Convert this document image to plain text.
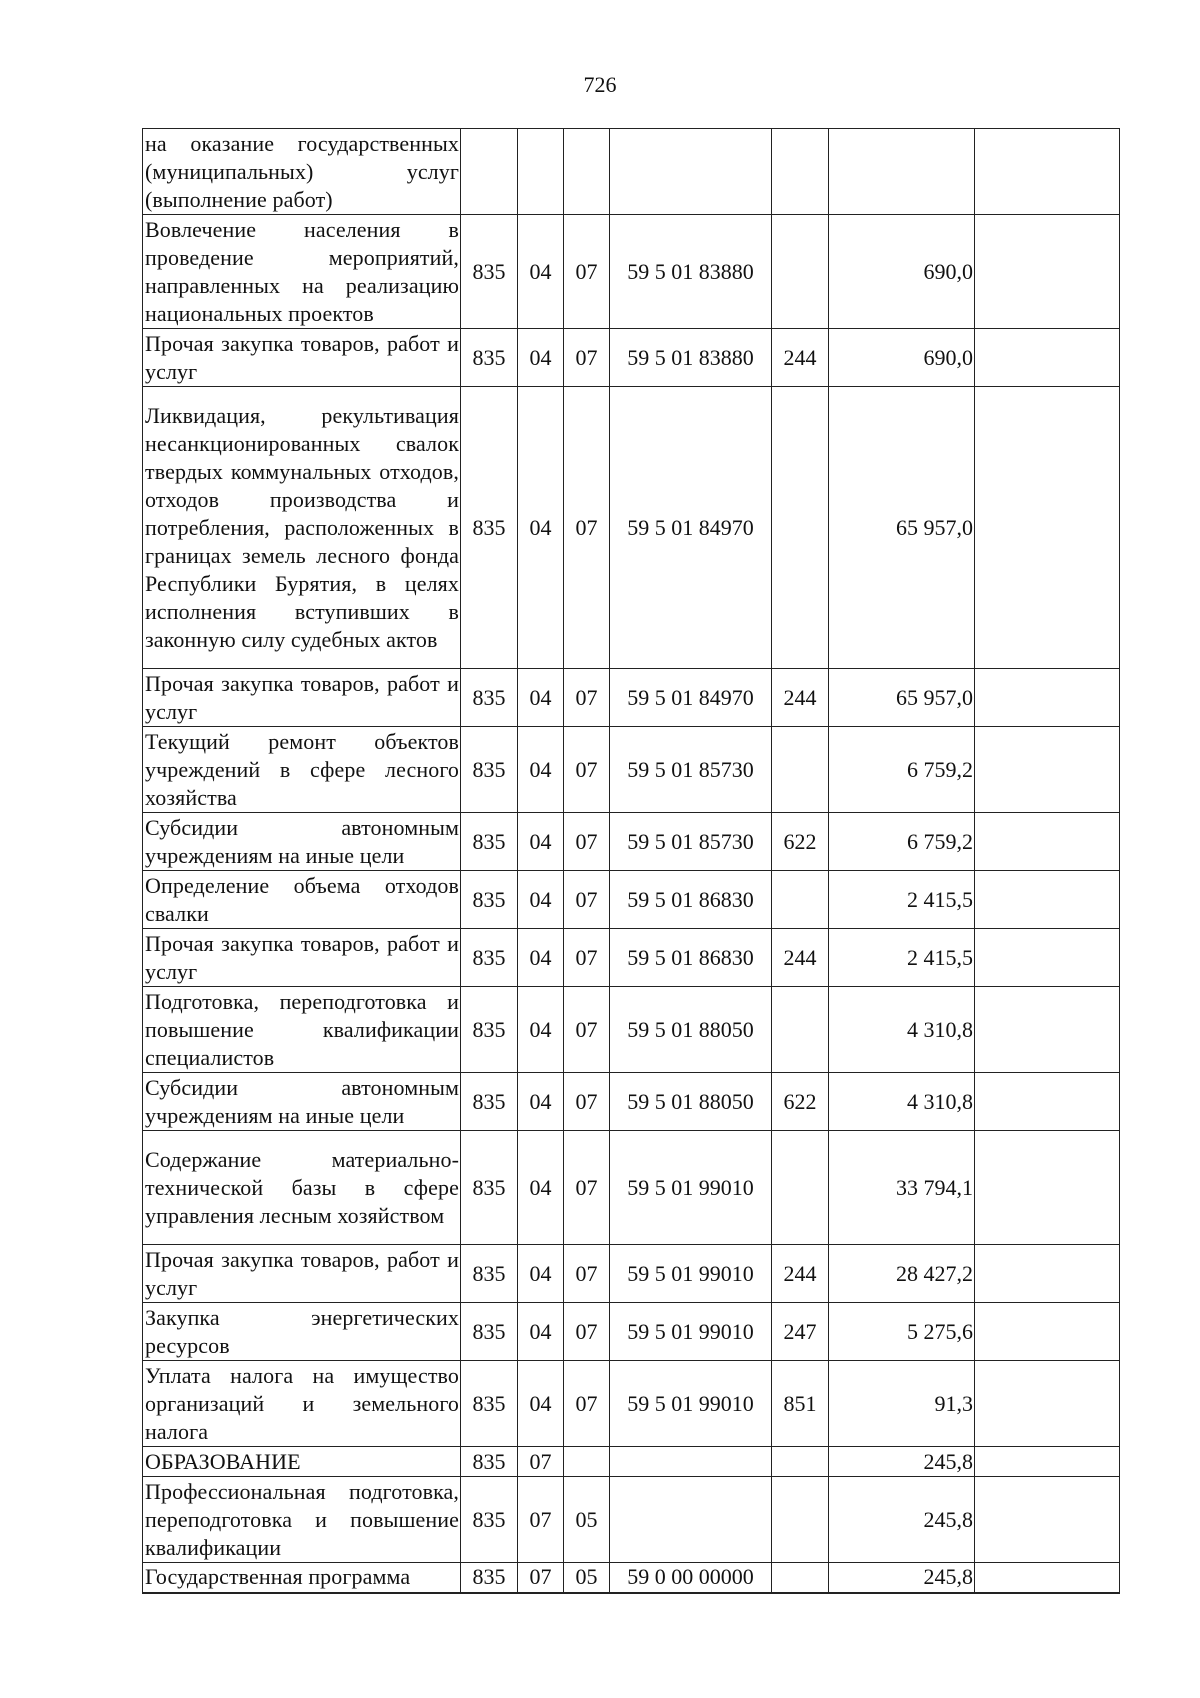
726
на оказание государственных (муниципальных) услуг (выполнение работ)							
Вовлечение населения в проведение мероприятий, направленных на реализацию национальных проектов	835	04	07	59 5 01 83880		690,0	
Прочая закупка товаров, работ и услуг	835	04	07	59 5 01 83880	244	690,0	
Ликвидация, рекультивация несанкционированных свалок твердых коммунальных отходов, отходов производства и потребления, расположенных в границах земель лесного фонда Республики Бурятия, в целях исполнения вступивших в законную силу судебных актов	835	04	07	59 5 01 84970		65 957,0	
Прочая закупка товаров, работ и услуг	835	04	07	59 5 01 84970	244	65 957,0	
Текущий ремонт объектов учреждений в сфере лесного хозяйства	835	04	07	59 5 01 85730		6 759,2	
Субсидии автономным учреждениям на иные цели	835	04	07	59 5 01 85730	622	6 759,2	
Определение объема отходов свалки	835	04	07	59 5 01 86830		2 415,5	
Прочая закупка товаров, работ и услуг	835	04	07	59 5 01 86830	244	2 415,5	
Подготовка, переподготовка и повышение квалификации специалистов	835	04	07	59 5 01 88050		4 310,8	
Субсидии автономным учреждениям на иные цели	835	04	07	59 5 01 88050	622	4 310,8	
Содержание материально-технической базы в сфере управления лесным хозяйством	835	04	07	59 5 01 99010		33 794,1	
Прочая закупка товаров, работ и услуг	835	04	07	59 5 01 99010	244	28 427,2	
Закупка энергетических ресурсов	835	04	07	59 5 01 99010	247	5 275,6	
Уплата налога на имущество организаций и земельного налога	835	04	07	59 5 01 99010	851	91,3	
ОБРАЗОВАНИЕ	835	07				245,8	
Профессиональная подготовка, переподготовка и повышение квалификации	835	07	05			245,8	
Государственная программа	835	07	05	59 0 00 00000		245,8	
